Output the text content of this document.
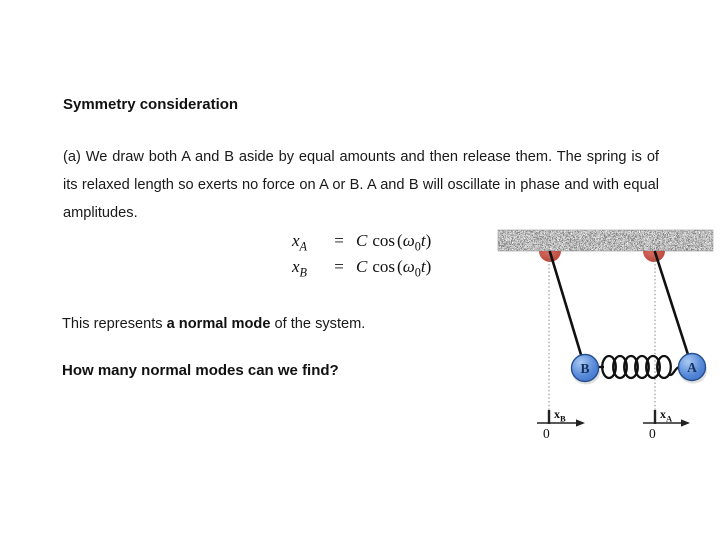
Symmetry consideration
(a) We draw both A and B aside by equal amounts and then release them. The spring is of its relaxed length so exerts no force on A or B. A and B will oscillate in phase and with equal amplitudes.
$x_A$	= C $\cos (\omega_0t)$
$x_B$	= C $\cos (\omega_0t)$
This represents a normal mode of the system.
How many normal modes can we find?	B	A
$x_B$
0
$x_A$
0
